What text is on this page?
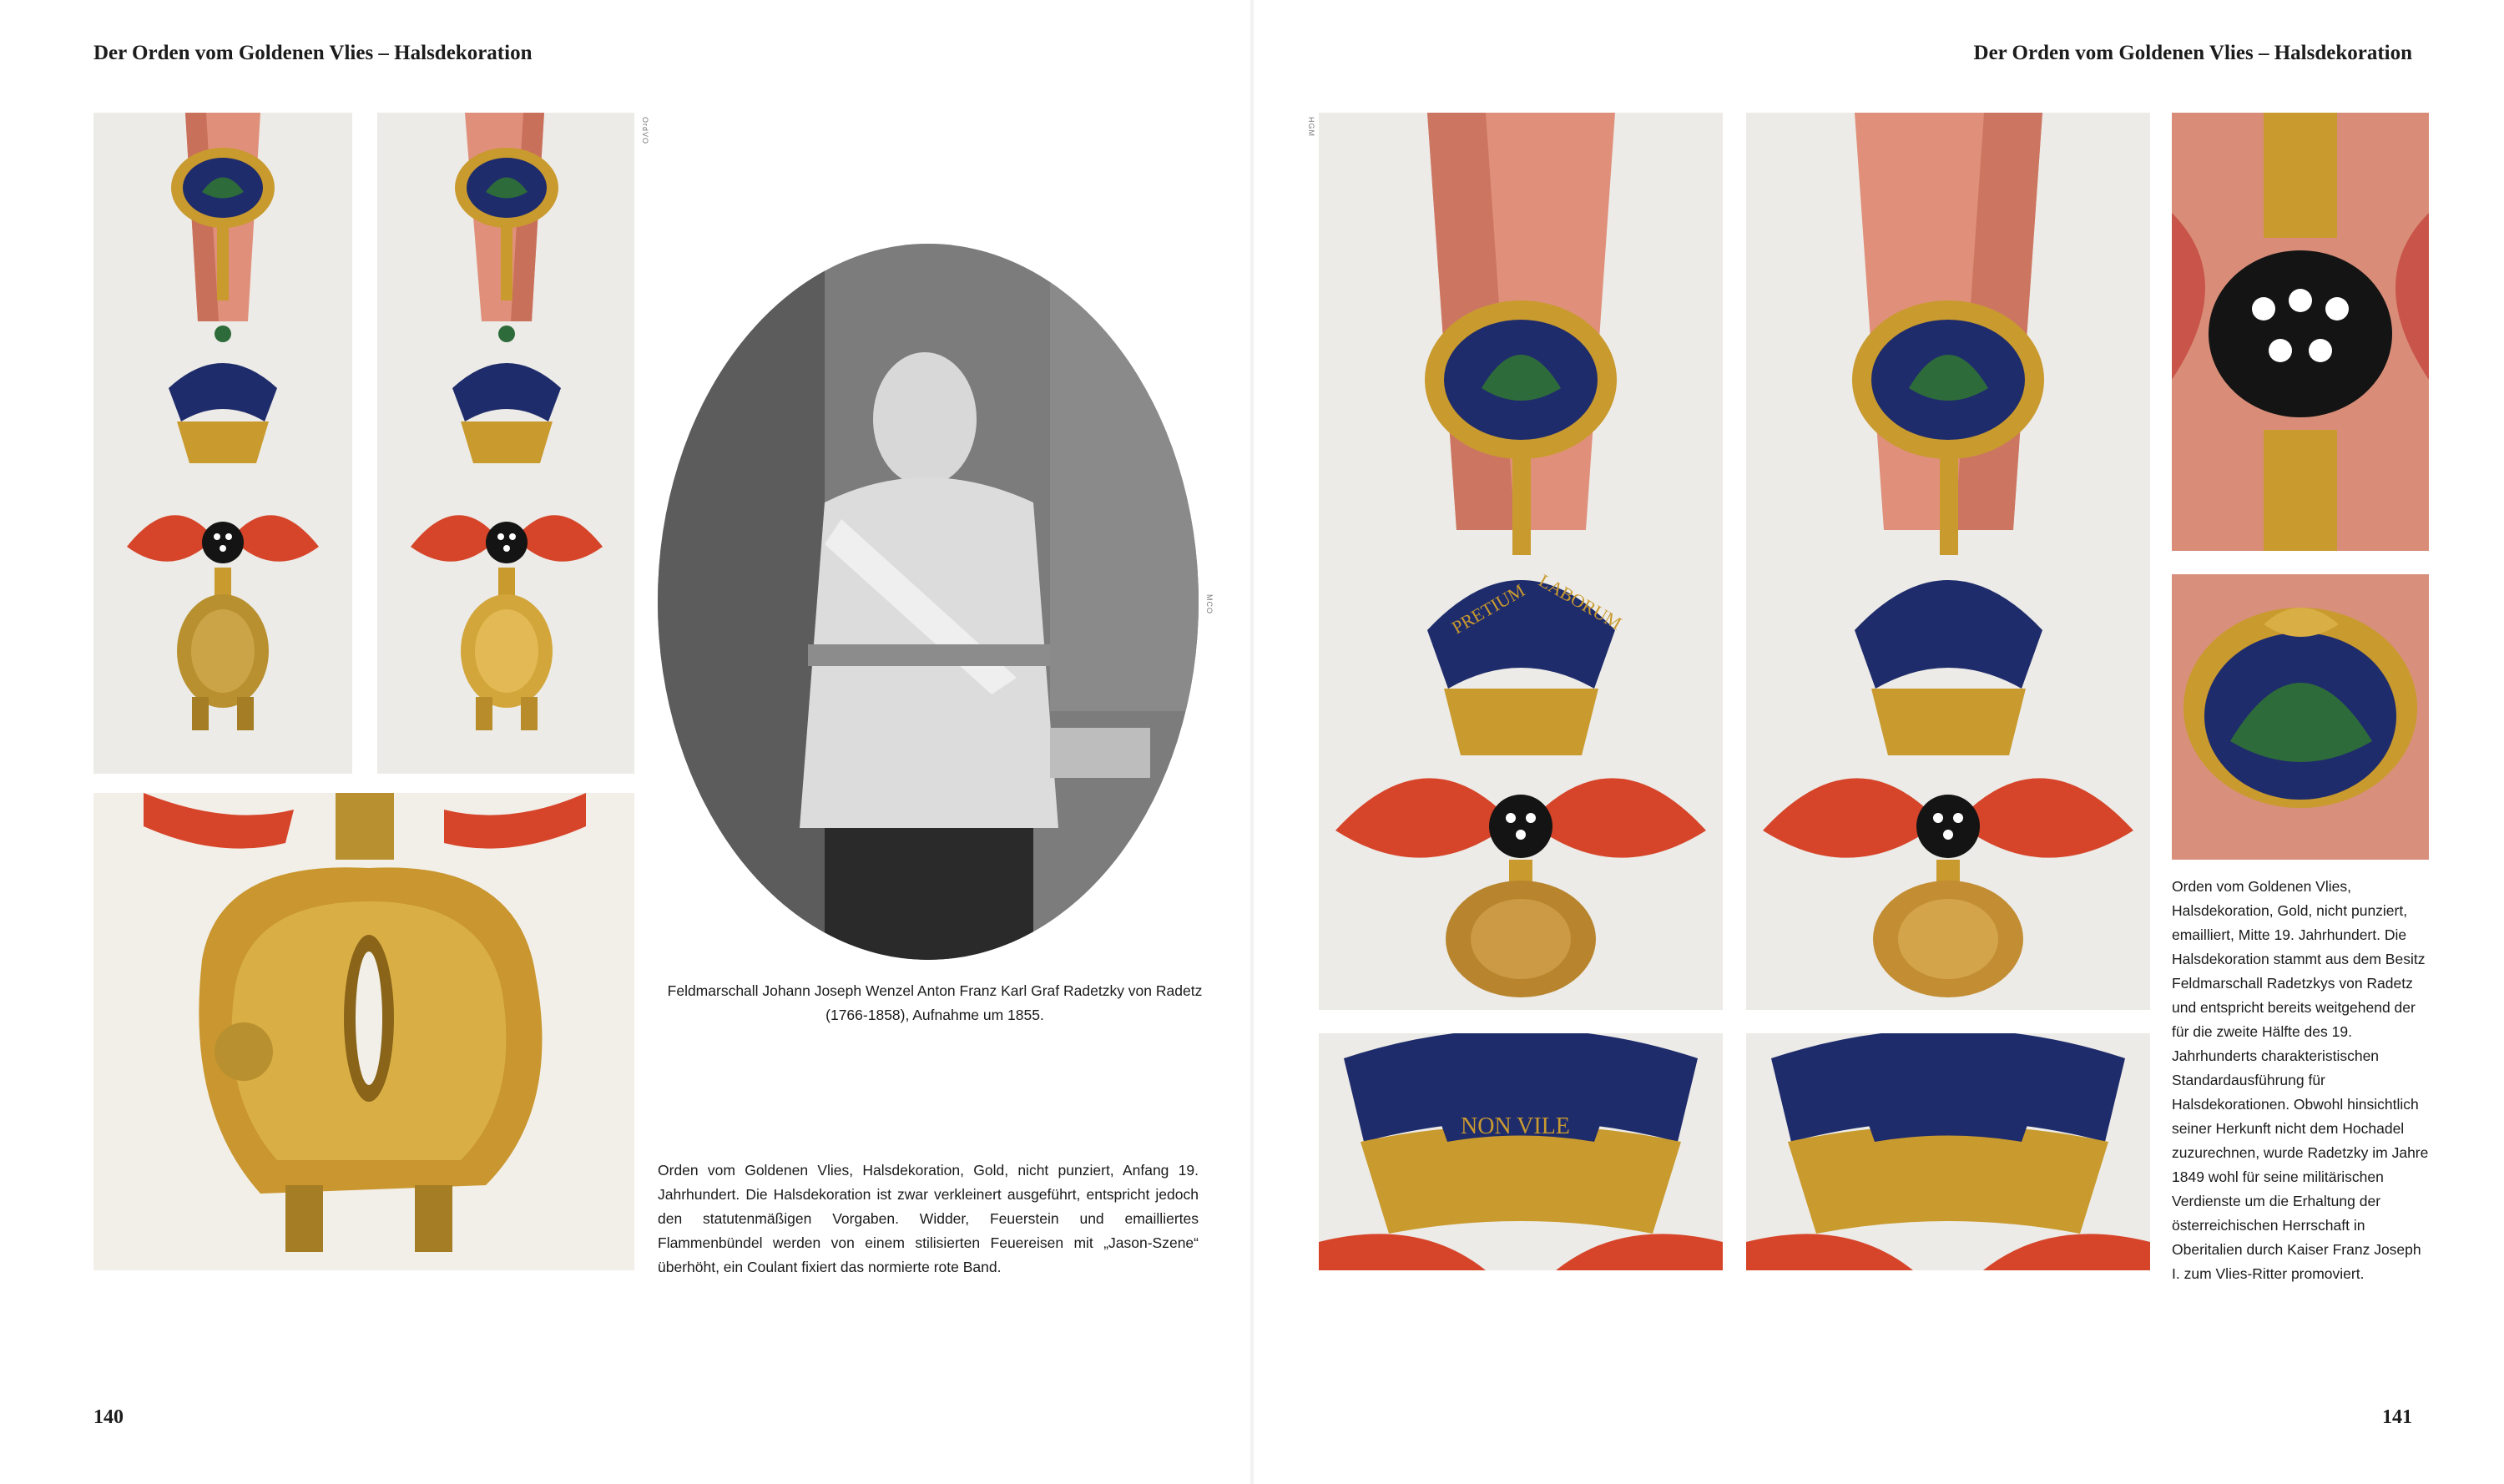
Der Orden vom Goldenen Vlies – Halsdekoration
OrdVO
MCO
Feldmarschall Johann Joseph Wenzel Anton Franz Karl Graf Radetzky von Radetz (1766-1858), Aufnahme um 1855.
Orden vom Goldenen Vlies, Halsdekoration, Gold, nicht punziert, Anfang 19. Jahrhundert. Die Halsdekoration ist zwar verkleinert ausgeführt, entspricht jedoch den statutenmäßigen Vorgaben. Widder, Feuerstein und emailliertes Flammenbündel werden von einem stilisierten Feuereisen mit „Jason-Szene“ überhöht, ein Coulant fixiert das normierte rote Band.
140
Der Orden vom Goldenen Vlies – Halsdekoration
HGM
PRETIUM LABORUM
NON VILE
Orden vom Goldenen Vlies, Halsdekoration, Gold, nicht punziert, emailliert, Mitte 19. Jahrhundert. Die Halsdekoration stammt aus dem Besitz Feldmarschall Radetzkys von Radetz und entspricht bereits weitgehend der für die zweite Hälfte des 19. Jahrhunderts charakteristischen Standardausführung für Halsdekorationen. Obwohl hinsichtlich seiner Herkunft nicht dem Hochadel zuzurechnen, wurde Radetzky im Jahre 1849 wohl für seine militärischen Verdienste um die Erhaltung der österreichischen Herrschaft in Oberitalien durch Kaiser Franz Joseph I. zum Vlies-Ritter promoviert.
141
